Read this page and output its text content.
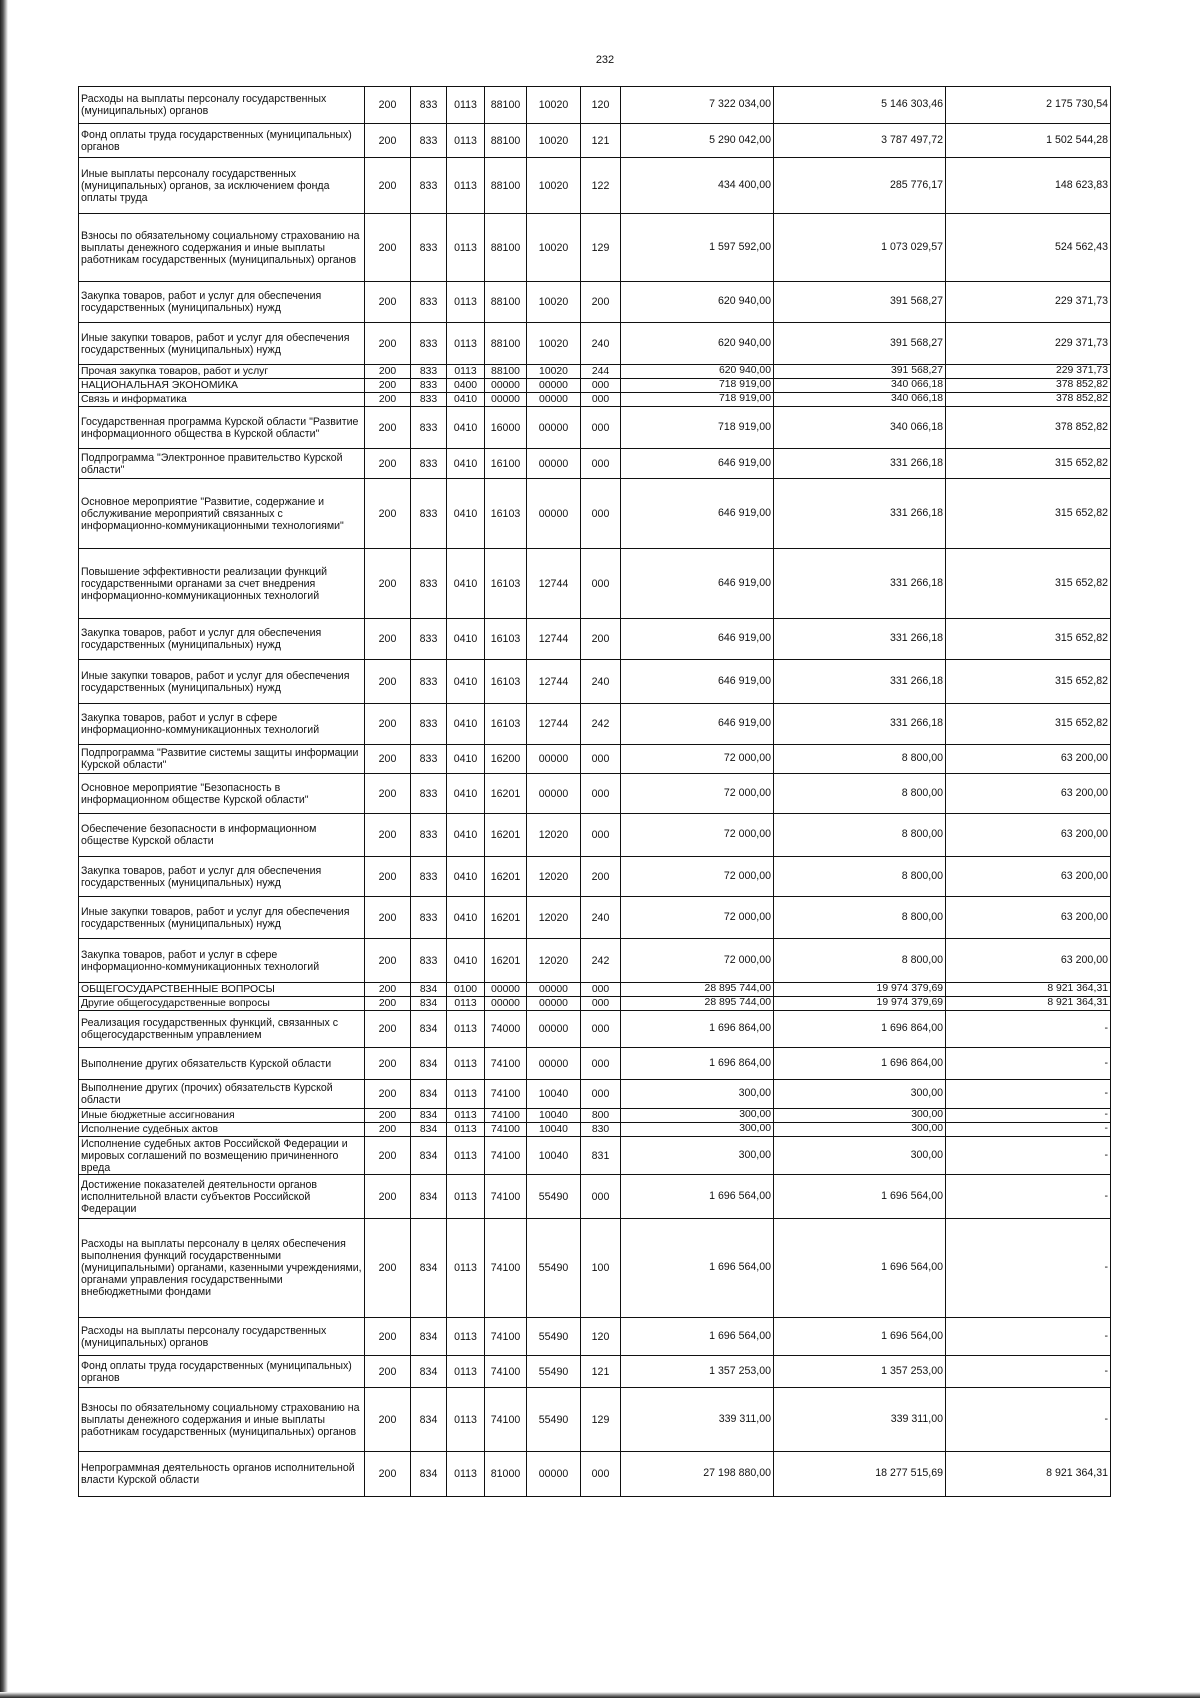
232
Расходы на выплаты персоналу государственных (муниципальных) органов	200	833	0113	88100	10020	120	7 322 034,00	5 146 303,46	2 175 730,54

Фонд оплаты труда государственных (муниципальных) органов	200	833	0113	88100	10020	121	5 290 042,00	3 787 497,72	1 502 544,28

Иные выплаты персоналу государственных (муниципальных) органов, за исключением фонда оплаты труда	200	833	0113	88100	10020	122	434 400,00	285 776,17	148 623,83

Взносы по обязательному социальному страхованию на выплаты денежного содержания и иные выплаты работникам государственных (муниципальных) органов	200	833	0113	88100	10020	129	1 597 592,00	1 073 029,57	524 562,43

Закупка товаров, работ и услуг для обеспечения государственных (муниципальных) нужд	200	833	0113	88100	10020	200	620 940,00	391 568,27	229 371,73

Иные закупки товаров, работ и услуг для обеспечения государственных (муниципальных) нужд	200	833	0113	88100	10020	240	620 940,00	391 568,27	229 371,73

Прочая закупка товаров, работ и услуг	200	833	0113	88100	10020	244	620 940,00	391 568,27	229 371,73

НАЦИОНАЛЬНАЯ ЭКОНОМИКА	200	833	0400	00000	00000	000	718 919,00	340 066,18	378 852,82

Связь и информатика	200	833	0410	00000	00000	000	718 919,00	340 066,18	378 852,82

Государственная программа Курской области "Развитие информационного общества в Курской области"	200	833	0410	16000	00000	000	718 919,00	340 066,18	378 852,82

Подпрограмма "Электронное правительство Курской области"	200	833	0410	16100	00000	000	646 919,00	331 266,18	315 652,82

Основное мероприятие "Развитие, содержание и обслуживание мероприятий связанных с информационно-коммуникационными технологиями"	200	833	0410	16103	00000	000	646 919,00	331 266,18	315 652,82

Повышение эффективности реализации функций государственными органами за счет внедрения информационно-коммуникационных технологий	200	833	0410	16103	12744	000	646 919,00	331 266,18	315 652,82

Закупка товаров, работ и услуг для обеспечения государственных (муниципальных) нужд	200	833	0410	16103	12744	200	646 919,00	331 266,18	315 652,82

Иные закупки товаров, работ и услуг для обеспечения государственных (муниципальных) нужд	200	833	0410	16103	12744	240	646 919,00	331 266,18	315 652,82

Закупка товаров, работ и услуг в сфере информационно-коммуникационных технологий	200	833	0410	16103	12744	242	646 919,00	331 266,18	315 652,82

Подпрограмма "Развитие системы защиты информации Курской области"	200	833	0410	16200	00000	000	72 000,00	8 800,00	63 200,00

Основное мероприятие "Безопасность в информационном обществе Курской области"	200	833	0410	16201	00000	000	72 000,00	8 800,00	63 200,00

Обеспечение безопасности в информационном обществе Курской области	200	833	0410	16201	12020	000	72 000,00	8 800,00	63 200,00

Закупка товаров, работ и услуг для обеспечения государственных (муниципальных) нужд	200	833	0410	16201	12020	200	72 000,00	8 800,00	63 200,00

Иные закупки товаров, работ и услуг для обеспечения государственных (муниципальных) нужд	200	833	0410	16201	12020	240	72 000,00	8 800,00	63 200,00

Закупка товаров, работ и услуг в сфере информационно-коммуникационных технологий	200	833	0410	16201	12020	242	72 000,00	8 800,00	63 200,00

ОБЩЕГОСУДАРСТВЕННЫЕ ВОПРОСЫ	200	834	0100	00000	00000	000	28 895 744,00	19 974 379,69	8 921 364,31

Другие общегосударственные вопросы	200	834	0113	00000	00000	000	28 895 744,00	19 974 379,69	8 921 364,31

Реализация государственных функций, связанных с общегосударственным управлением	200	834	0113	74000	00000	000	1 696 864,00	1 696 864,00	-

Выполнение других обязательств Курской области	200	834	0113	74100	00000	000	1 696 864,00	1 696 864,00	-

Выполнение других (прочих) обязательств Курской области	200	834	0113	74100	10040	000	300,00	300,00	-

Иные бюджетные ассигнования	200	834	0113	74100	10040	800	300,00	300,00	-

Исполнение судебных актов	200	834	0113	74100	10040	830	300,00	300,00	-

Исполнение судебных актов Российской Федерации и мировых соглашений по возмещению причиненного вреда	200	834	0113	74100	10040	831	300,00	300,00	-

Достижение показателей деятельности органов исполнительной власти субъектов Российской Федерации	200	834	0113	74100	55490	000	1 696 564,00	1 696 564,00	-

Расходы на выплаты персоналу в целях обеспечения выполнения функций государственными (муниципальными) органами, казенными учреждениями, органами управления государственными внебюджетными фондами	200	834	0113	74100	55490	100	1 696 564,00	1 696 564,00	-

Расходы на выплаты персоналу государственных (муниципальных) органов	200	834	0113	74100	55490	120	1 696 564,00	1 696 564,00	-

Фонд оплаты труда государственных (муниципальных) органов	200	834	0113	74100	55490	121	1 357 253,00	1 357 253,00	-

Взносы по обязательному социальному страхованию на выплаты денежного содержания и иные выплаты работникам государственных (муниципальных) органов	200	834	0113	74100	55490	129	339 311,00	339 311,00	-

Непрограммная деятельность органов исполнительной власти Курской области	200	834	0113	81000	00000	000	27 198 880,00	18 277 515,69	8 921 364,31
